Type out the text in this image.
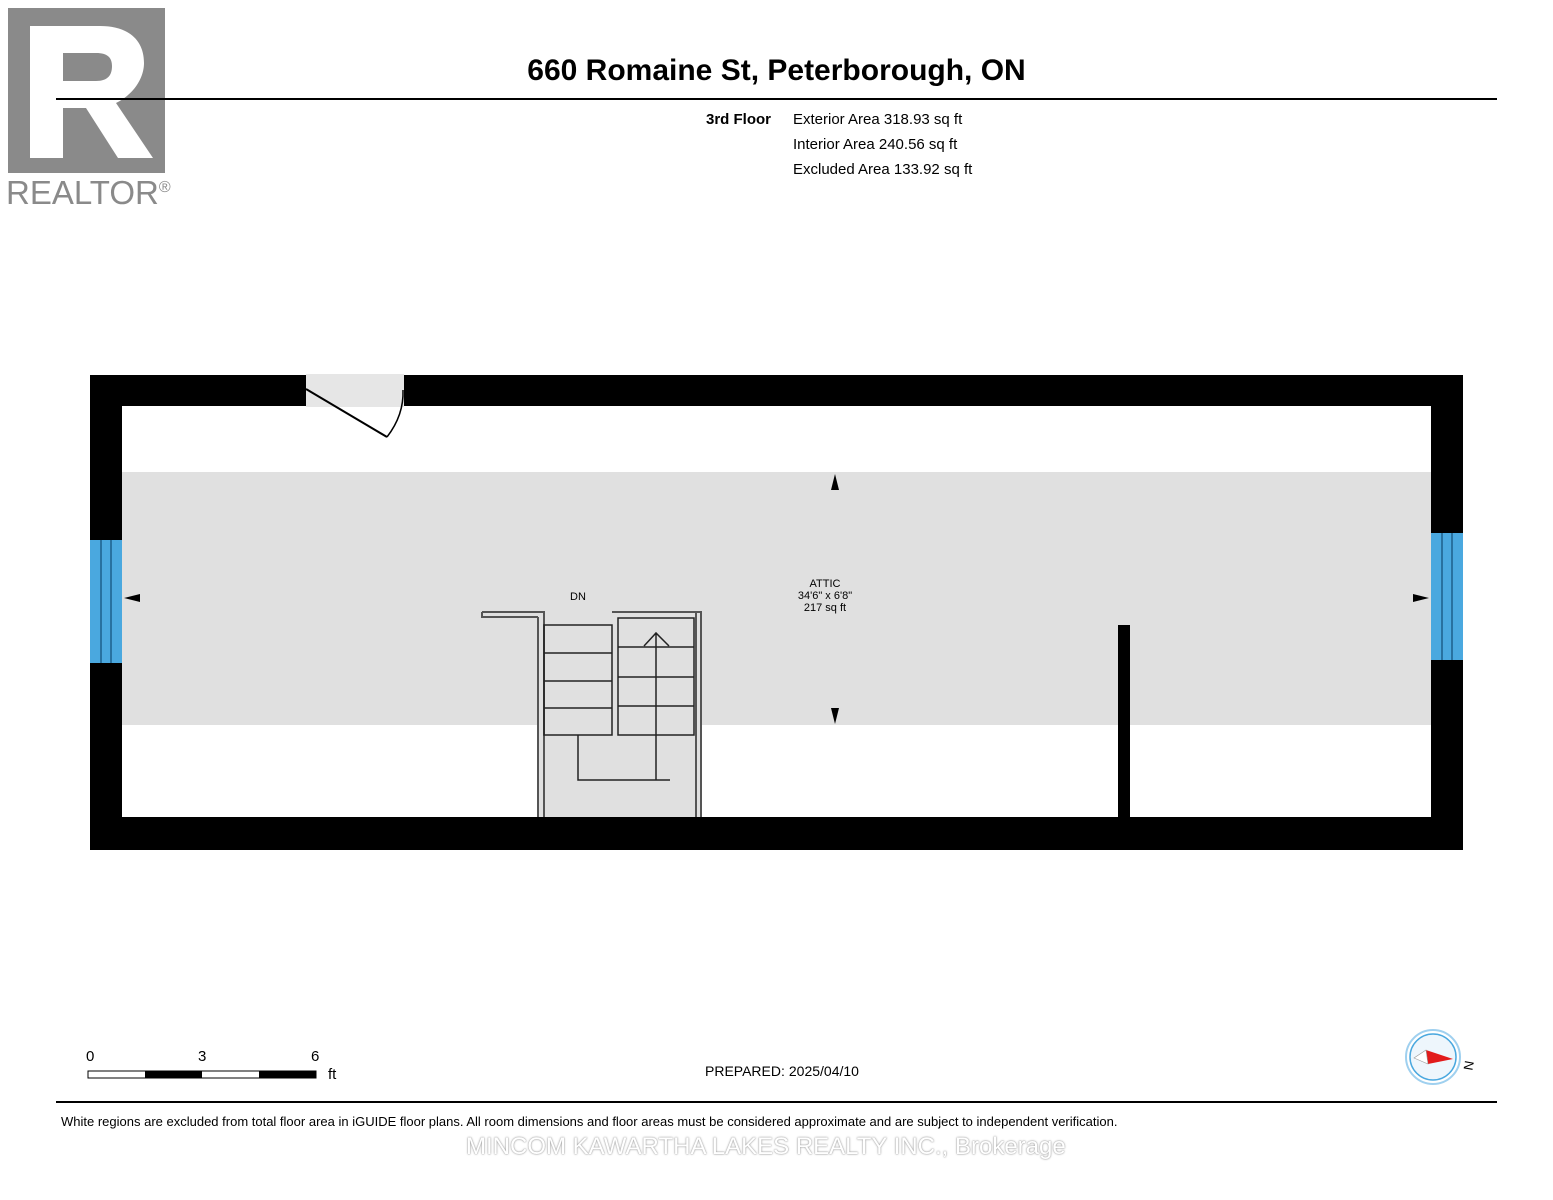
REALTOR®
660 Romaine St, Peterborough, ON
3rd Floor Exterior Area 318.93 sq ft
Interior Area 240.56 sq ft
Excluded Area 133.92 sq ft
ATTIC
34'6" x 6'8"
217 sq ft
DN
0	3	6
ft	PREPARED: 2025/04/10	N
White regions are excluded from total floor area in iGUIDE floor plans. All room dimensions and floor areas must be considered approximate and are subject to independent verification.
MINCOM KAWARTHA LAKES REALTY INC., Brokerage
